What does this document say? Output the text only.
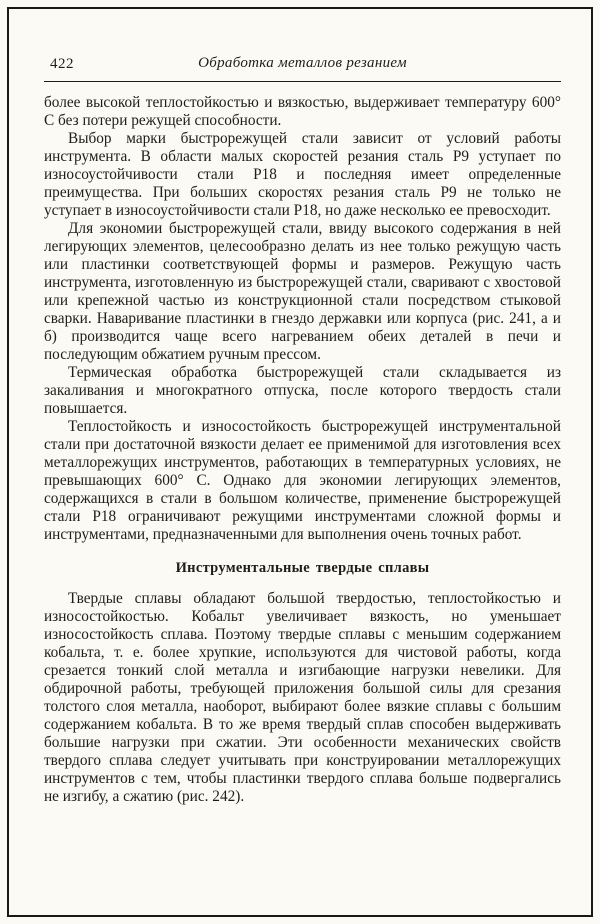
422	Обработка металлов резанием

более высокой теплостойкостью и вязкостью, выдерживает температуру 600° С без потери режущей способности.

Выбор марки быстрорежущей стали зависит от условий работы инструмента. В области малых скоростей резания сталь Р9 уступает по износоустойчивости стали Р18 и последняя имеет определенные преимущества. При больших скоростях резания сталь Р9 не только не уступает в износоустойчивости стали Р18, но даже несколько ее превосходит.

Для экономии быстрорежущей стали, ввиду высокого содержания в ней легирующих элементов, целесообразно делать из нее только режущую часть или пластинки соответствующей формы и размеров. Режущую часть инструмента, изготовленную из быстрорежущей стали, сваривают с хвостовой или крепежной частью из конструкционной стали посредством стыковой сварки. Наваривание пластинки в гнездо державки или корпуса (рис. 241, а и б) производится чаще всего нагреванием обеих деталей в печи и последующим обжатием ручным прессом.

Термическая обработка быстрорежущей стали складывается из закаливания и многократного отпуска, после которого твердость стали повышается.

Теплостойкость и износостойкость быстрорежущей инструментальной стали при достаточной вязкости делает ее применимой для изготовления всех металлорежущих инструментов, работающих в температурных условиях, не превышающих 600° С. Однако для экономии легирующих элементов, содержащихся в стали в большом количестве, применение быстрорежущей стали Р18 ограничивают режущими инструментами сложной формы и инструментами, предназначенными для выполнения очень точных работ.

Инструментальные твердые сплавы

Твердые сплавы обладают большой твердостью, теплостойкостью и износостойкостью. Кобальт увеличивает вязкость, но уменьшает износостойкость сплава. Поэтому твердые сплавы с меньшим содержанием кобальта, т. е. более хрупкие, используются для чистовой работы, когда срезается тонкий слой металла и изгибающие нагрузки невелики. Для обдирочной работы, требующей приложения большой силы для срезания толстого слоя металла, наоборот, выбирают более вязкие сплавы с большим содержанием кобальта. В то же время твердый сплав способен выдерживать большие нагрузки при сжатии. Эти особенности механических свойств твердого сплава следует учитывать при конструировании металлорежущих инструментов с тем, чтобы пластинки твердого сплава больше подвергались не изгибу, а сжатию (рис. 242).
